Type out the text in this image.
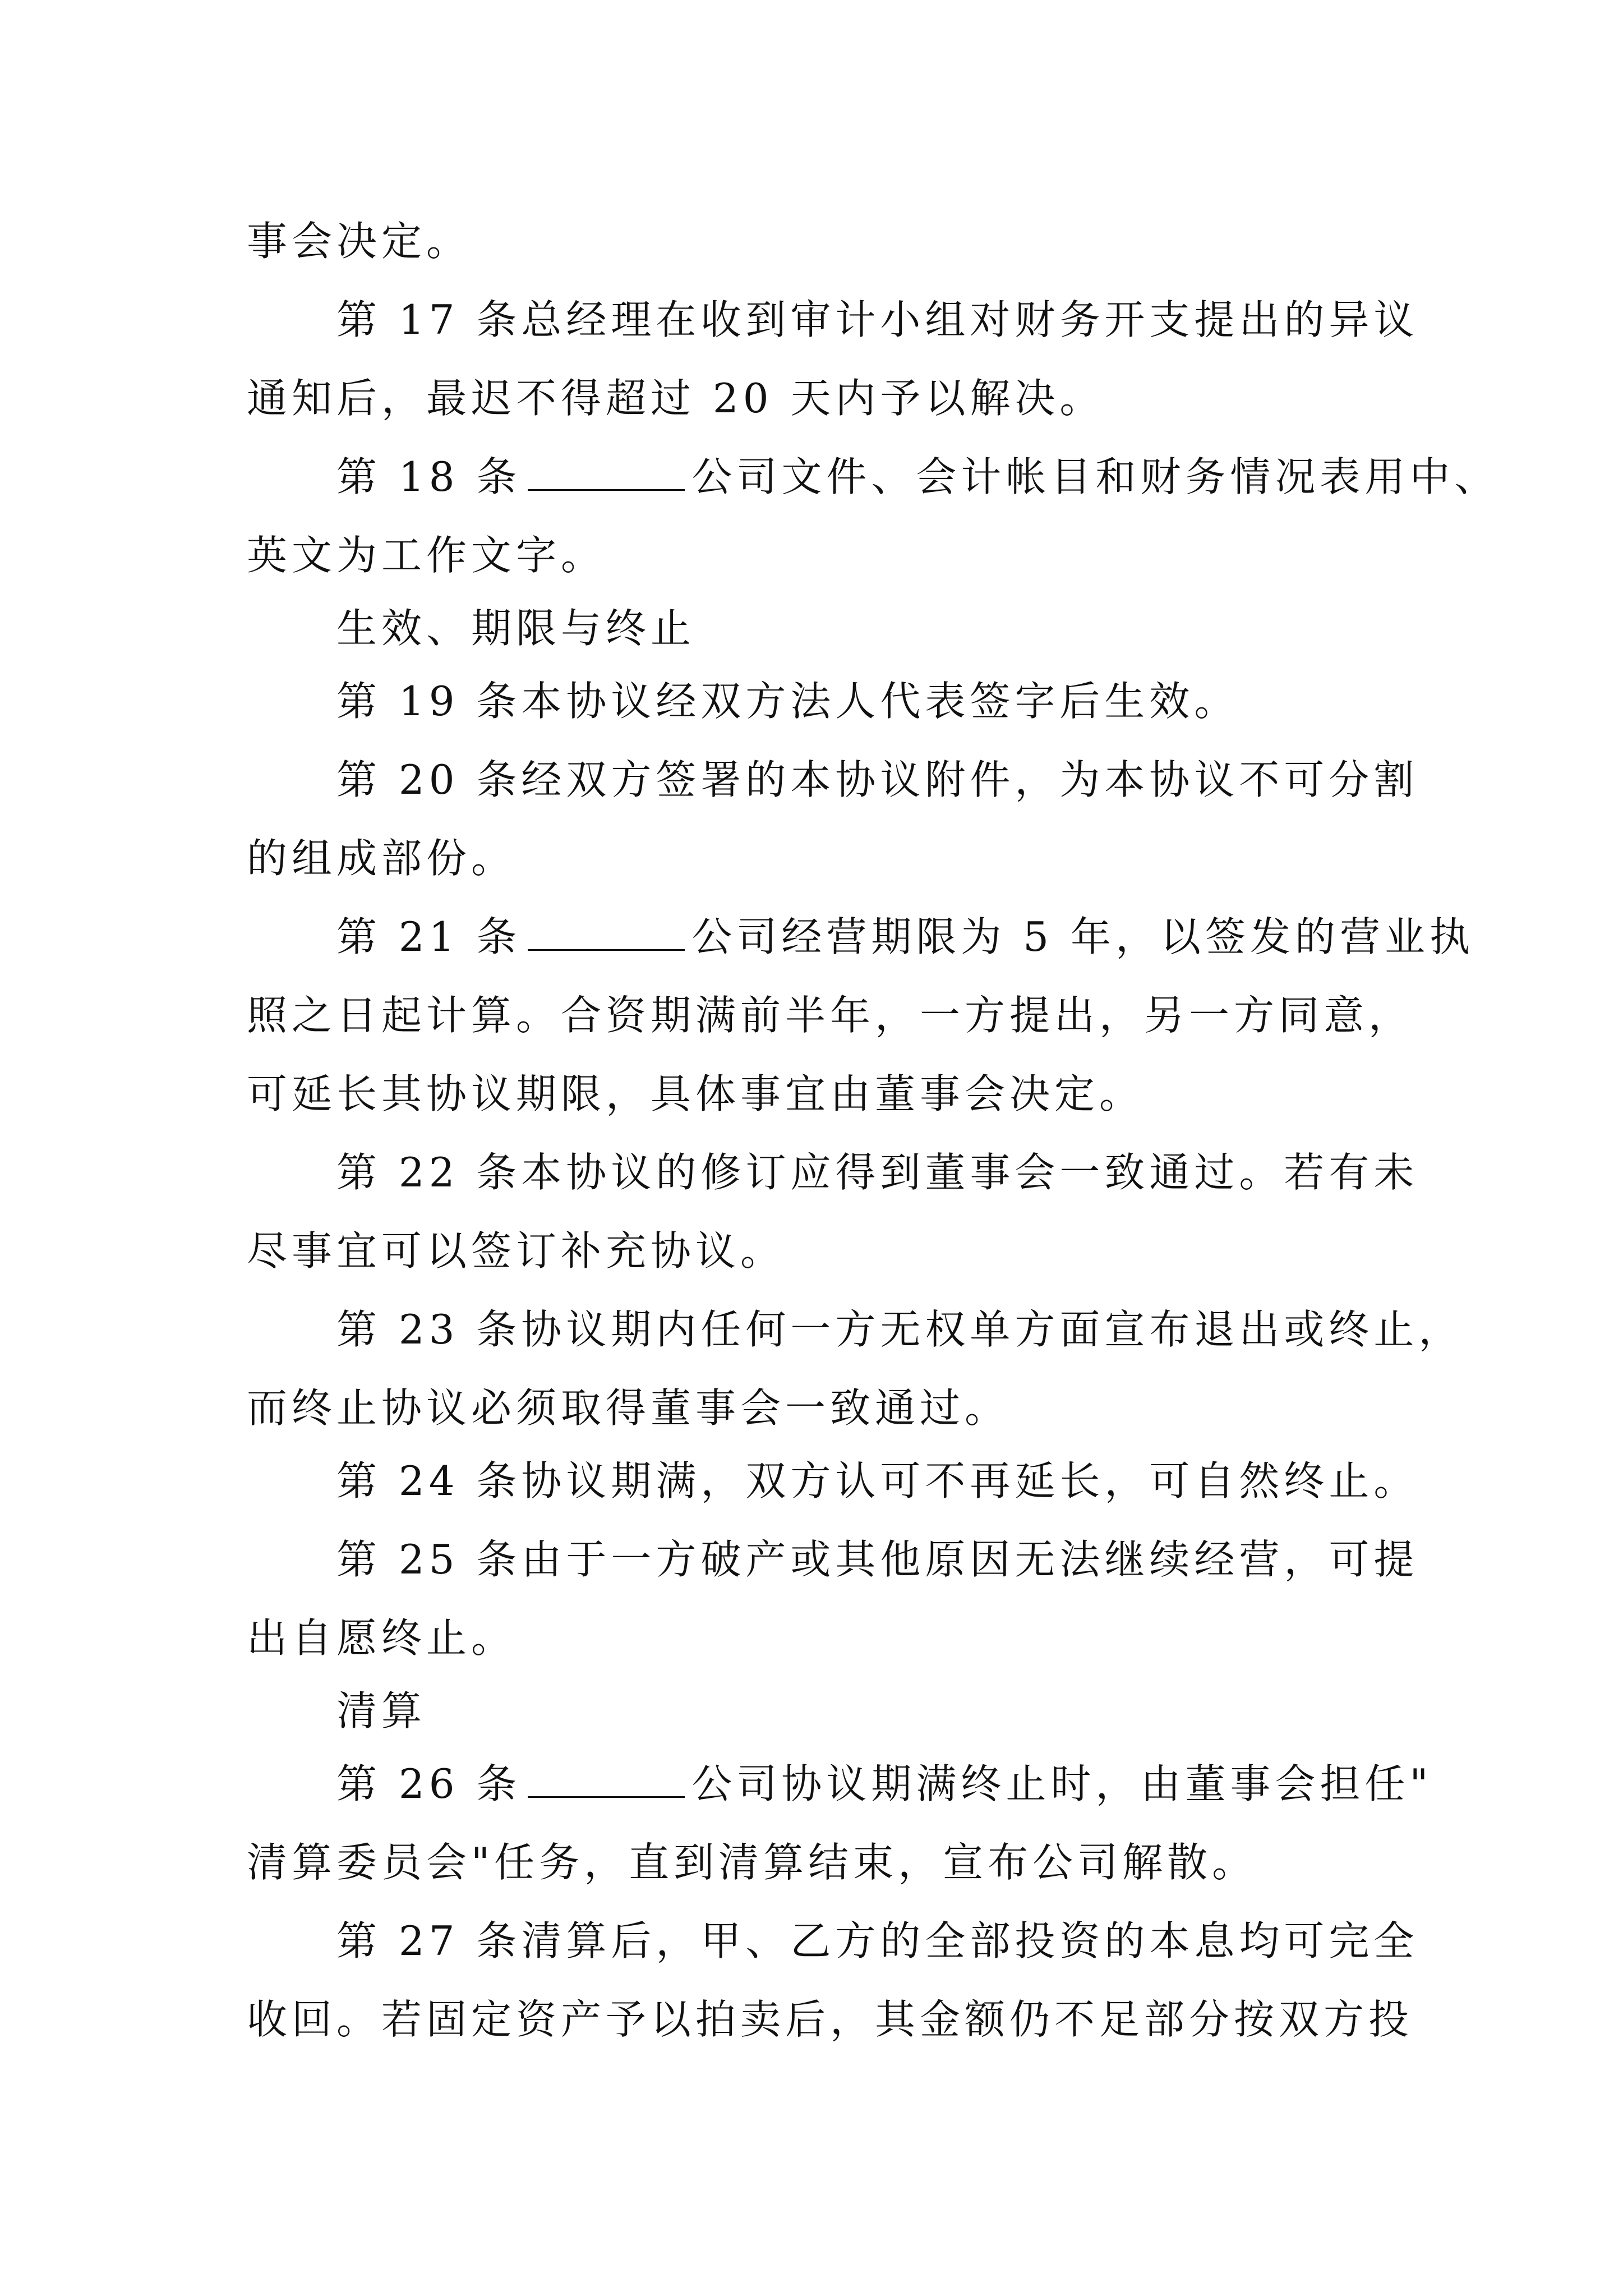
事会决定。
第 17 条总经理在收到审计小组对财务开支提出的异议
通知后，最迟不得超过 20 天内予以解决。
第 18 条	公司文件、会计帐目和财务情况表用中、
英文为工作文字。
生效、期限与终止
第 19 条本协议经双方法人代表签字后生效。
第 20 条经双方签署的本协议附件，为本协议不可分割
的组成部份。
第 21 条	公司经营期限为 5 年，以签发的营业执
照之日起计算。合资期满前半年，一方提出，另一方同意，
可延长其协议期限，具体事宜由董事会决定。
第 22 条本协议的修订应得到董事会一致通过。若有未
尽事宜可以签订补充协议。
第 23 条协议期内任何一方无权单方面宣布退出或终止，
而终止协议必须取得董事会一致通过。
第 24 条协议期满，双方认可不再延长，可自然终止。
第 25 条由于一方破产或其他原因无法继续经营，可提
出自愿终止。
清算
第 26 条	公司协议期满终止时，由董事会担任"
清算委员会"任务，直到清算结束，宣布公司解散。
第 27 条清算后，甲、乙方的全部投资的本息均可完全
收回。若固定资产予以拍卖后，其金额仍不足部分按双方投
